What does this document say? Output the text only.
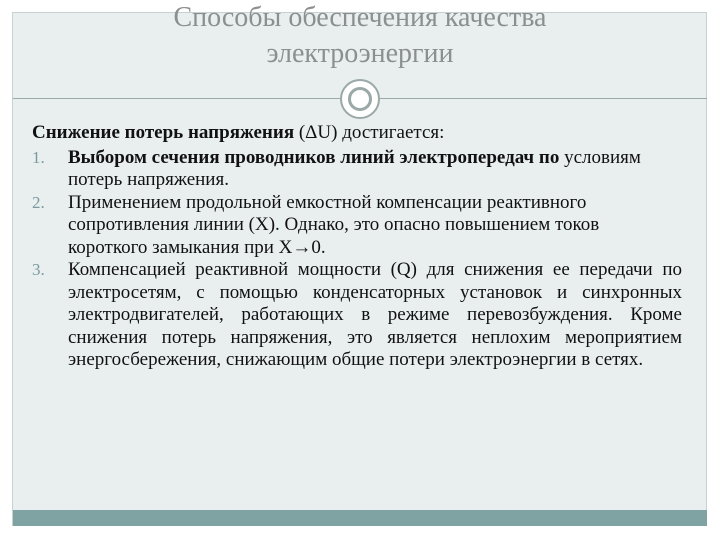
Способы обеспечения качества
электроэнергии

Снижение потерь напряжения (ΔU) достигается:

1. Выбором сечения проводников линий электропередач по условиям потерь напряжения.
2. Применением продольной емкостной компенсации реактивного сопротивления линии (X). Однако, это опасно повышением токов короткого замыкания при X→0.
3. Компенсацией реактивной мощности (Q) для снижения ее передачи по электросетям, с помощью конденсаторных установок и синхронных электродвигателей, работающих в режиме перевозбуждения. Кроме снижения потерь напряжения, это является неплохим мероприятием энергосбережения, снижающим общие потери электроэнергии в сетях.
